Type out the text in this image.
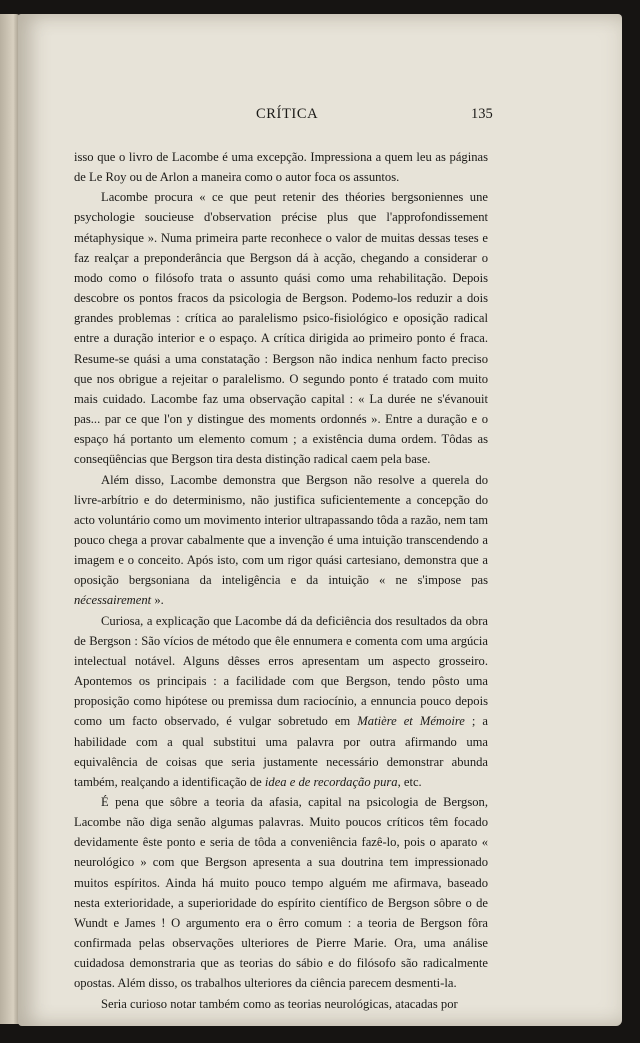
CRÍTICA	135

isso que o livro de Lacombe é uma excepção. Impressiona a quem leu as páginas de Le Roy ou de Arlon a maneira como o autor foca os assuntos.

Lacombe procura « ce que peut retenir des théories bergsoniennes une psychologie soucieuse d'observation précise plus que l'approfondissement métaphysique ». Numa primeira parte reconhece o valor de muitas dessas teses e faz realçar a preponderância que Bergson dá à acção, chegando a considerar o modo como o filósofo trata o assunto quási como uma rehabilitação. Depois descobre os pontos fracos da psicologia de Bergson. Podemo-los reduzir a dois grandes problemas : crítica ao paralelismo psico-fisiológico e oposição radical entre a duração interior e o espaço. A crítica dirigida ao primeiro ponto é fraca. Resume-se quási a uma constatação : Bergson não indica nenhum facto preciso que nos obrigue a rejeitar o paralelismo. O segundo ponto é tratado com muito mais cuidado. Lacombe faz uma observação capital : « La durée ne s'évanouit pas... par ce que l'on y distingue des moments ordonnés ». Entre a duração e o espaço há portanto um elemento comum ; a existência duma ordem. Tôdas as conseqüências que Bergson tira desta distinção radical caem pela base.

Além disso, Lacombe demonstra que Bergson não resolve a querela do livre-arbítrio e do determinismo, não justifica suficientemente a concepção do acto voluntário como um movimento interior ultrapassando tôda a razão, nem tam pouco chega a provar cabalmente que a invenção é uma intuição transcendendo a imagem e o conceito. Após isto, com um rigor quási cartesiano, demonstra que a oposição bergsoniana da inteligência e da intuição « ne s'impose pas nécessairement ».

Curiosa, a explicação que Lacombe dá da deficiência dos resultados da obra de Bergson : São vícios de método que êle ennumera e comenta com uma argúcia intelectual notável. Alguns dêsses erros apresentam um aspecto grosseiro. Apontemos os principais : a facilidade com que Bergson, tendo pôsto uma proposição como hipótese ou premissa dum raciocínio, a ennuncia pouco depois como um facto observado, é vulgar sobretudo em Matière et Mémoire ; a habilidade com a qual substitui uma palavra por outra afirmando uma equivalência de coisas que seria justamente necessário demonstrar abunda também, realçando a identificação de idea e de recordação pura, etc.

É pena que sôbre a teoria da afasia, capital na psicologia de Bergson, Lacombe não diga senão algumas palavras. Muito poucos críticos têm focado devidamente êste ponto e seria de tôda a conveniência fazê-lo, pois o aparato « neurológico » com que Bergson apresenta a sua doutrina tem impressionado muitos espíritos. Ainda há muito pouco tempo alguém me afirmava, baseado nesta exterioridade, a superioridade do espírito científico de Bergson sôbre o de Wundt e James ! O argumento era o êrro comum : a teoria de Bergson fôra confirmada pelas observações ulteriores de Pierre Marie. Ora, uma análise cuidadosa demonstraria que as teorias do sábio e do filósofo são radicalmente opostas. Além disso, os trabalhos ulteriores da ciência parecem desmenti-la.

Seria curioso notar também como as teorias neurológicas, atacadas por
